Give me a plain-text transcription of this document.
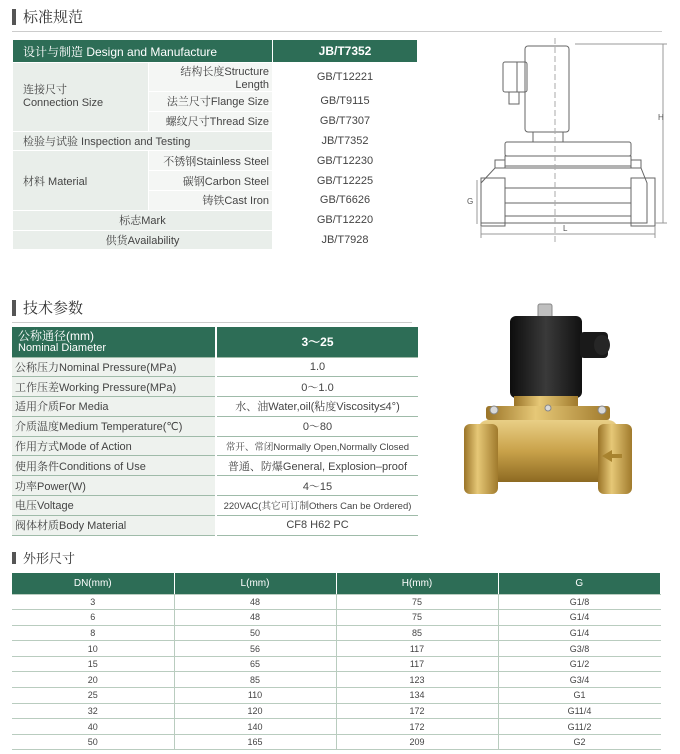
标准规范
设计与制造 Design and Manufacture		JB/T7352

连接尺寸
Connection Size	结构长度Structure Length	GB/T12221
	法兰尺寸Flange Size	GB/T9115
	螺纹尺寸Thread Size	GB/T7307
检验与试验 Inspection and Testing		JB/T7352
材料 Material	不锈钢Stainless Steel	GB/T12230
	碳钢Carbon Steel	GB/T12225
	铸铁Cast Iron	GB/T6626
标志Mark		GB/T12220
供货Availability		JB/T7928
H
G
L
技术参数
公称通径(mm)
Nominal Diameter	3～25
公称压力Nominal Pressure(MPa)	1.0
工作压差Working Pressure(MPa)	0～1.0
适用介质For Media	水、油Water,oil(粘度Viscosity≤4°)
介质温度Medium Temperature(℃)	0～80
作用方式Mode of Action	常开、常闭Normally Open,Normally Closed
使用条件Conditions of Use	普通、防爆General, Explosion–proof
功率Power(W)	4～15
电压Voltage	220VAC(其它可订制Others Can be Ordered)
阀体材质Body Material	CF8 H62 PC
外形尺寸
DN(mm)	L(mm)	H(mm)	G
3	48	75	G1/8
6	48	75	G1/4
8	50	85	G1/4
10	56	117	G3/8
15	65	117	G1/2
20	85	123	G3/4
25	110	134	G1
32	120	172	G11/4
40	140	172	G11/2
50	165	209	G2
